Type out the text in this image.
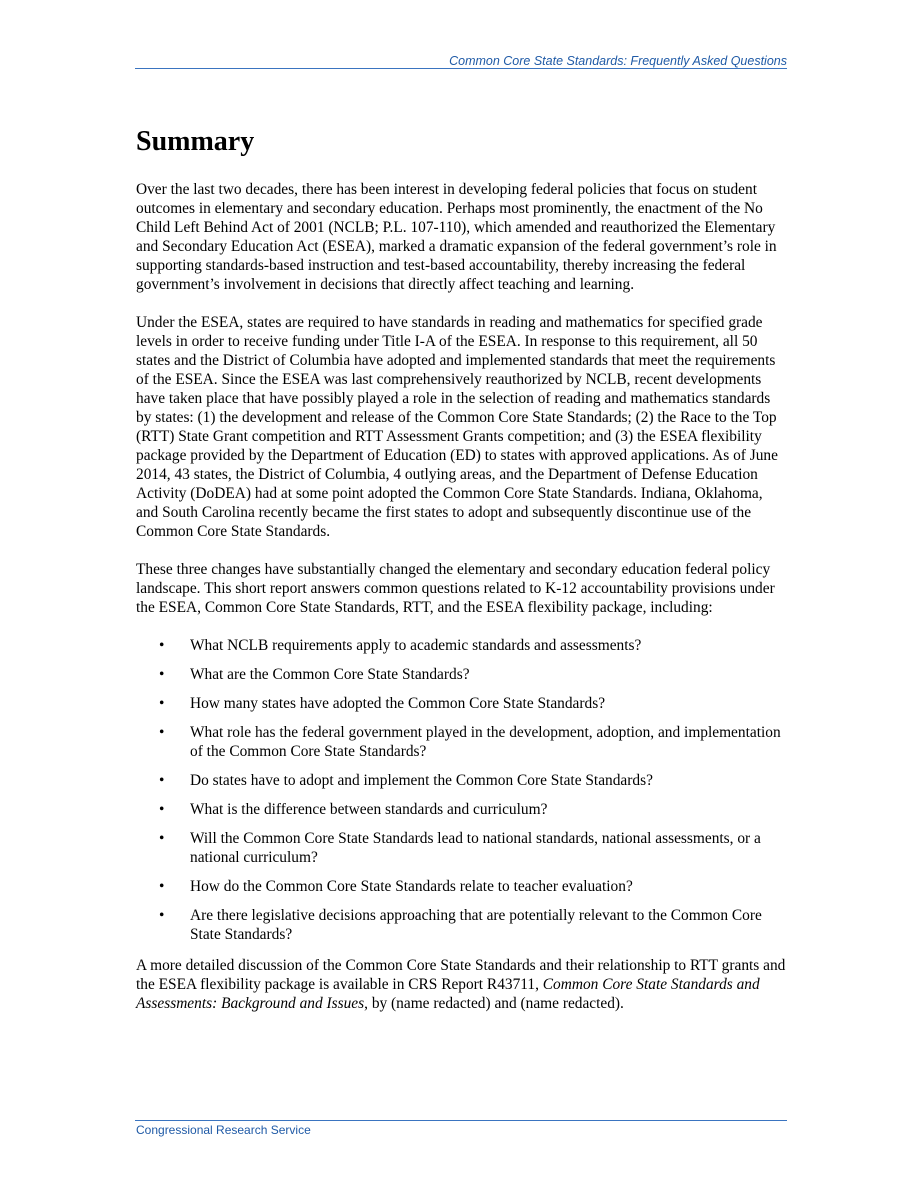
Common Core State Standards: Frequently Asked Questions
Summary

Over the last two decades, there has been interest in developing federal policies that focus on student outcomes in elementary and secondary education. Perhaps most prominently, the enactment of the No Child Left Behind Act of 2001 (NCLB; P.L. 107-110), which amended and reauthorized the Elementary and Secondary Education Act (ESEA), marked a dramatic expansion of the federal government’s role in supporting standards-based instruction and test-based accountability, thereby increasing the federal government’s involvement in decisions that directly affect teaching and learning.

Under the ESEA, states are required to have standards in reading and mathematics for specified grade levels in order to receive funding under Title I-A of the ESEA. In response to this requirement, all 50 states and the District of Columbia have adopted and implemented standards that meet the requirements of the ESEA. Since the ESEA was last comprehensively reauthorized by NCLB, recent developments have taken place that have possibly played a role in the selection of reading and mathematics standards by states: (1) the development and release of the Common Core State Standards; (2) the Race to the Top (RTT) State Grant competition and RTT Assessment Grants competition; and (3) the ESEA flexibility package provided by the Department of Education (ED) to states with approved applications. As of June 2014, 43 states, the District of Columbia, 4 outlying areas, and the Department of Defense Education Activity (DoDEA) had at some point adopted the Common Core State Standards. Indiana, Oklahoma, and South Carolina recently became the first states to adopt and subsequently discontinue use of the Common Core State Standards.

These three changes have substantially changed the elementary and secondary education federal policy landscape. This short report answers common questions related to K-12 accountability provisions under the ESEA, Common Core State Standards, RTT, and the ESEA flexibility package, including:

• What NCLB requirements apply to academic standards and assessments?
• What are the Common Core State Standards?
• How many states have adopted the Common Core State Standards?
• What role has the federal government played in the development, adoption, and implementation of the Common Core State Standards?
• Do states have to adopt and implement the Common Core State Standards?
• What is the difference between standards and curriculum?
• Will the Common Core State Standards lead to national standards, national assessments, or a national curriculum?
• How do the Common Core State Standards relate to teacher evaluation?
• Are there legislative decisions approaching that are potentially relevant to the Common Core State Standards?

A more detailed discussion of the Common Core State Standards and their relationship to RTT grants and the ESEA flexibility package is available in CRS Report R43711, Common Core State Standards and Assessments: Background and Issues, by (name redacted) and (name redacted).

Congressional Research Service
